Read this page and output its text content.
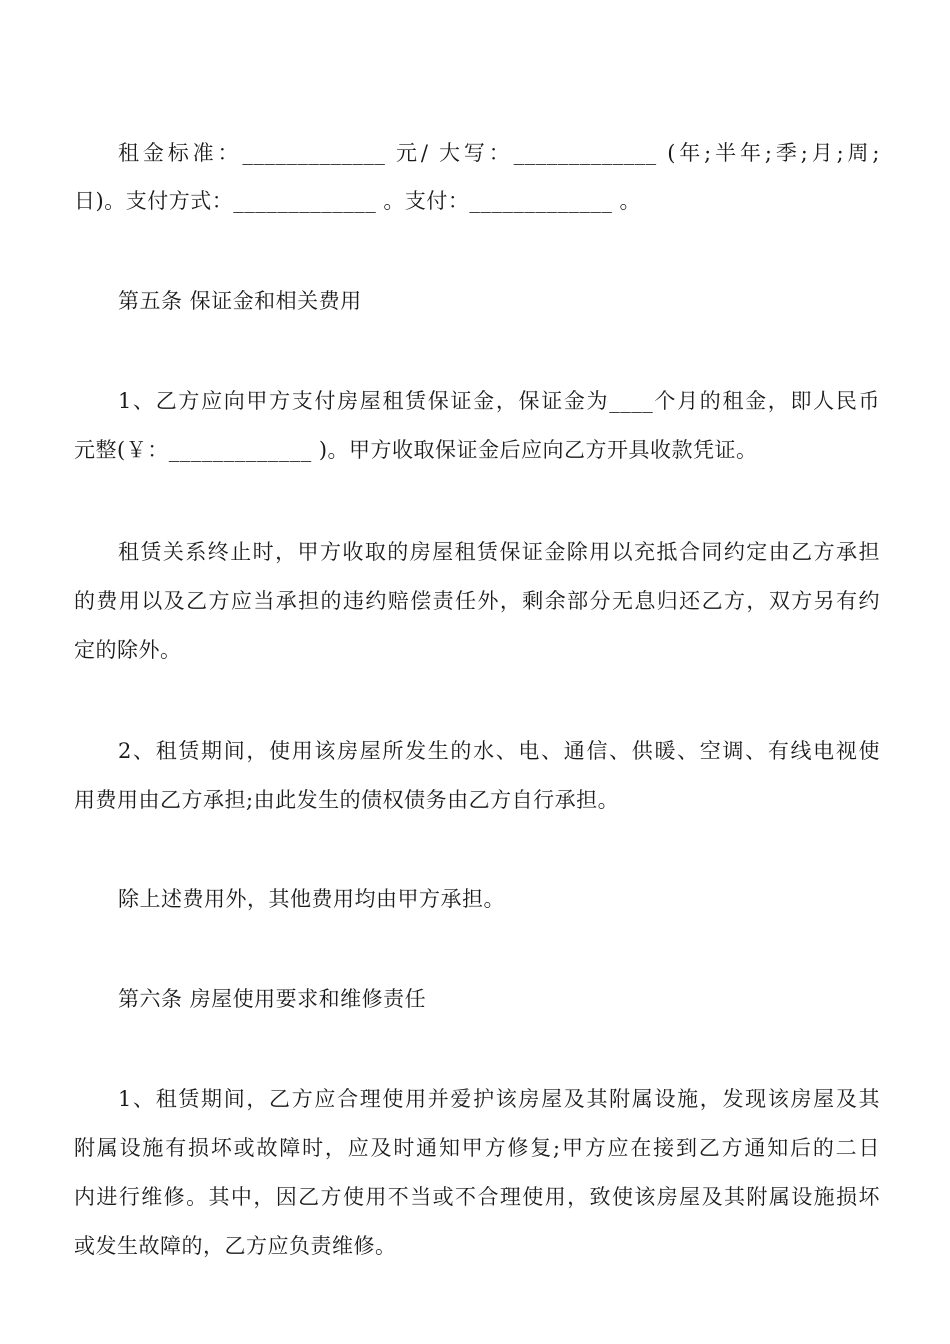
租金标准：_____________ 元/ 大写：_____________ (年;半年;季;月;周;
日)。支付方式：_____________ 。支付：_____________ 。
第五条 保证金和相关费用
1、乙方应向甲方支付房屋租赁保证金，保证金为____个月的租金，即人民币
元整(￥：_____________ )。甲方收取保证金后应向乙方开具收款凭证。
租赁关系终止时，甲方收取的房屋租赁保证金除用以充抵合同约定由乙方承担
的费用以及乙方应当承担的违约赔偿责任外，剩余部分无息归还乙方，双方另有约
定的除外。
2、租赁期间，使用该房屋所发生的水、电、通信、供暖、空调、有线电视使
用费用由乙方承担;由此发生的债权债务由乙方自行承担。
除上述费用外，其他费用均由甲方承担。
第六条 房屋使用要求和维修责任
1、租赁期间，乙方应合理使用并爱护该房屋及其附属设施，发现该房屋及其
附属设施有损坏或故障时，应及时通知甲方修复;甲方应在接到乙方通知后的二日
内进行维修。其中，因乙方使用不当或不合理使用，致使该房屋及其附属设施损坏
或发生故障的，乙方应负责维修。
